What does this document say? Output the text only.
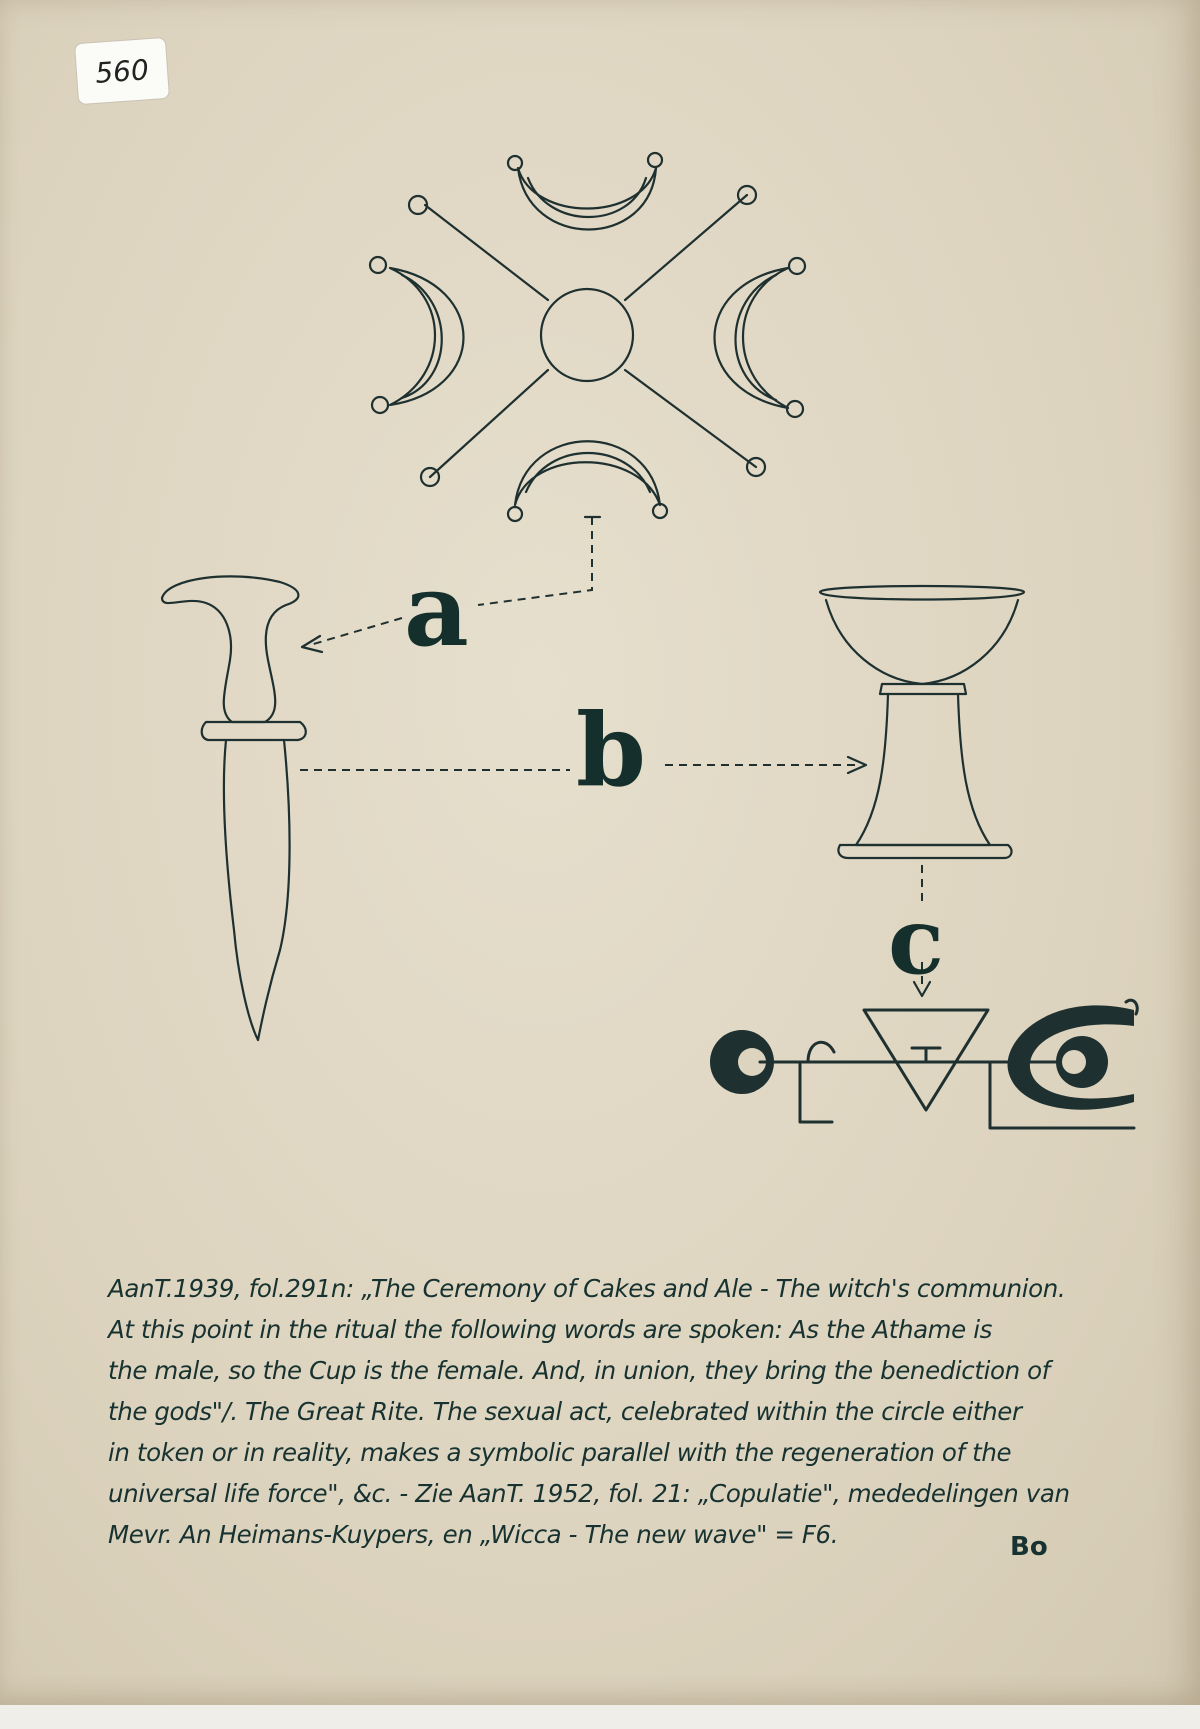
560
a
b
c
AanT.1939, fol.291n: „The Ceremony of Cakes and Ale - The witch's communion.
At this point in the ritual the following words are spoken: As the Athame is
the male, so the Cup is the female. And, in union, they bring the benediction of
the gods"/. The Great Rite. The sexual act, celebrated within the circle either
in token or in reality, makes a symbolic parallel with the regeneration of the
universal life force", &c. - Zie AanT. 1952, fol. 21: „Copulatie", mededelingen van
Mevr. An Heimans-Kuypers, en „Wicca - The new wave" = F6.	Bo
